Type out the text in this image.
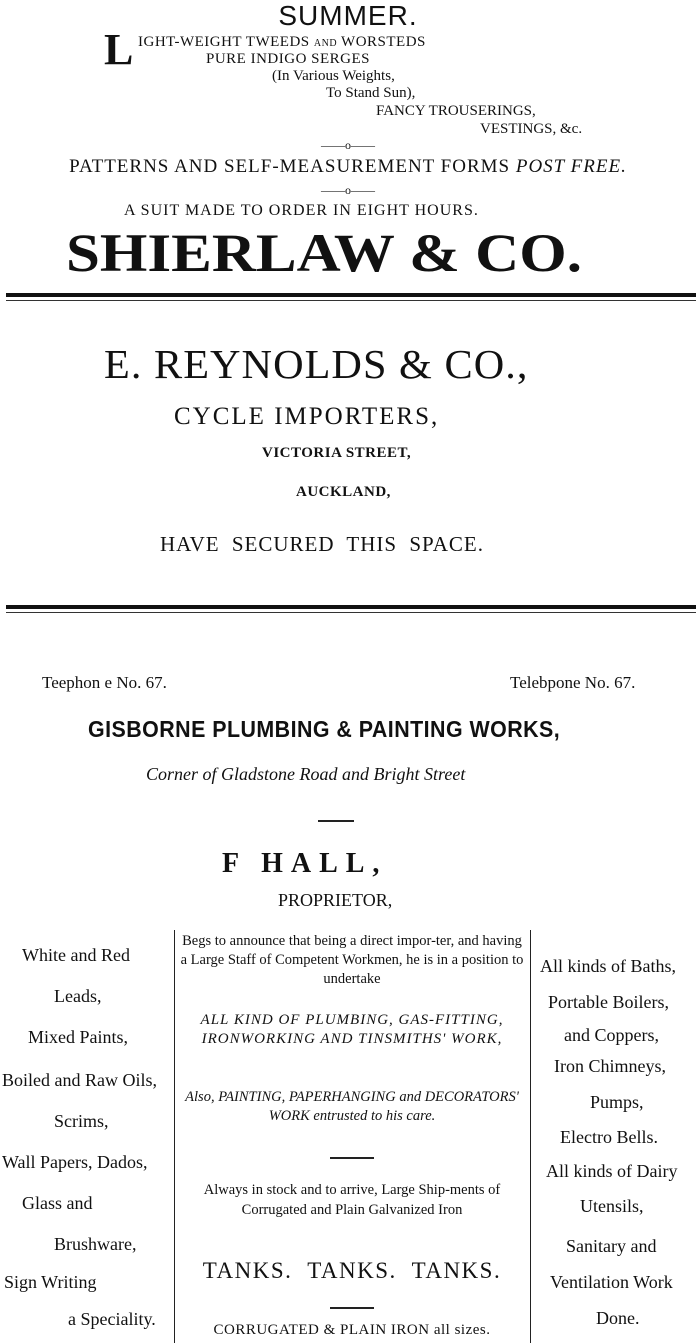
SUMMER.
L IGHT-WEIGHT TWEEDS AND WORSTEDS
PURE INDIGO SERGES
(In Various Weights,
To Stand Sun),
FANCY TROUSERINGS,
VESTINGS, &c.
——o——
PATTERNS AND SELF-MEASUREMENT FORMS POST FREE.
——o——
A SUIT MADE TO ORDER IN EIGHT HOURS.
SHIERLAW & CO.
E. REYNOLDS & CO.,
CYCLE IMPORTERS,
VICTORIA STREET,
AUCKLAND,
HAVE SECURED THIS SPACE.
Teephon e No. 67.	Telebpone No. 67.
GISBORNE PLUMBING & PAINTING WORKS,
Corner of Gladstone Road and Bright Street
F HALL,
PROPRIETOR,
White and Red
Leads,
Mixed Paints,
Boiled and Raw Oils,
Scrims,
Wall Papers, Dados,
Glass and
Brushware,
Sign Writing
a Speciality.
Begs to announce that being a direct impor-ter, and having a Large Staff of Competent Workmen, he is in a position to undertake
ALL KIND OF PLUMBING, GAS-FITTING, IRONWORKING AND TINSMITHS' WORK,
Also, PAINTING, PAPERHANGING and DECORATORS' WORK entrusted to his care.
Always in stock and to arrive, Large Ship-ments of Corrugated and Plain Galvanized Iron
TANKS. TANKS. TANKS.
CORRUGATED & PLAIN IRON all sizes.
All kinds of Baths,
Portable Boilers,
and Coppers,
Iron Chimneys,
Pumps,
Electro Bells.
All kinds of Dairy
Utensils,
Sanitary and
Ventilation Work
Done.
